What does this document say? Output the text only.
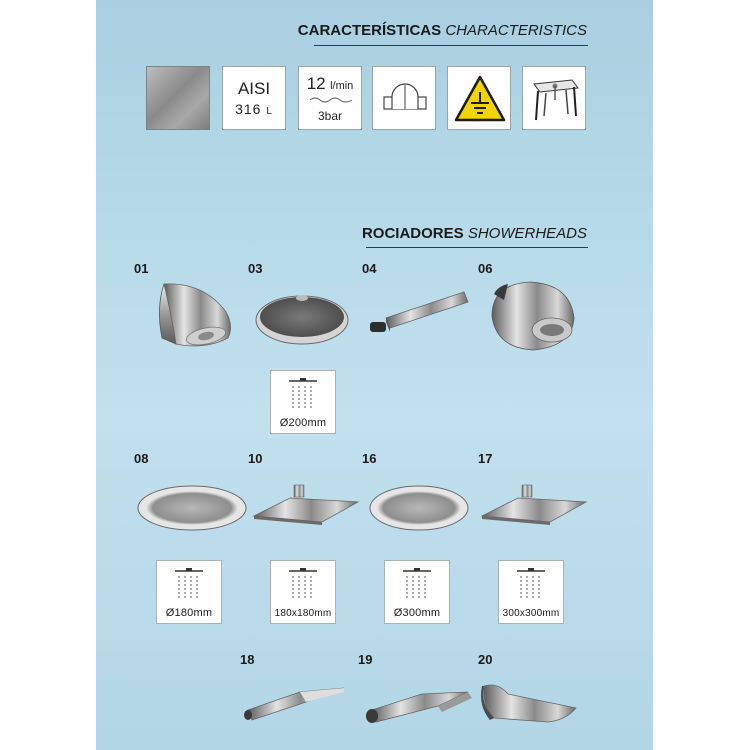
CARACTERÍSTICAS CHARACTERISTICS
AISI
316 L
12 l/min
3bar
ROCIADORES SHOWERHEADS
01	03	04	06
Ø200mm
08	10	16	17
Ø180mm	180x180mm	Ø300mm	300x300mm
18	19	20
